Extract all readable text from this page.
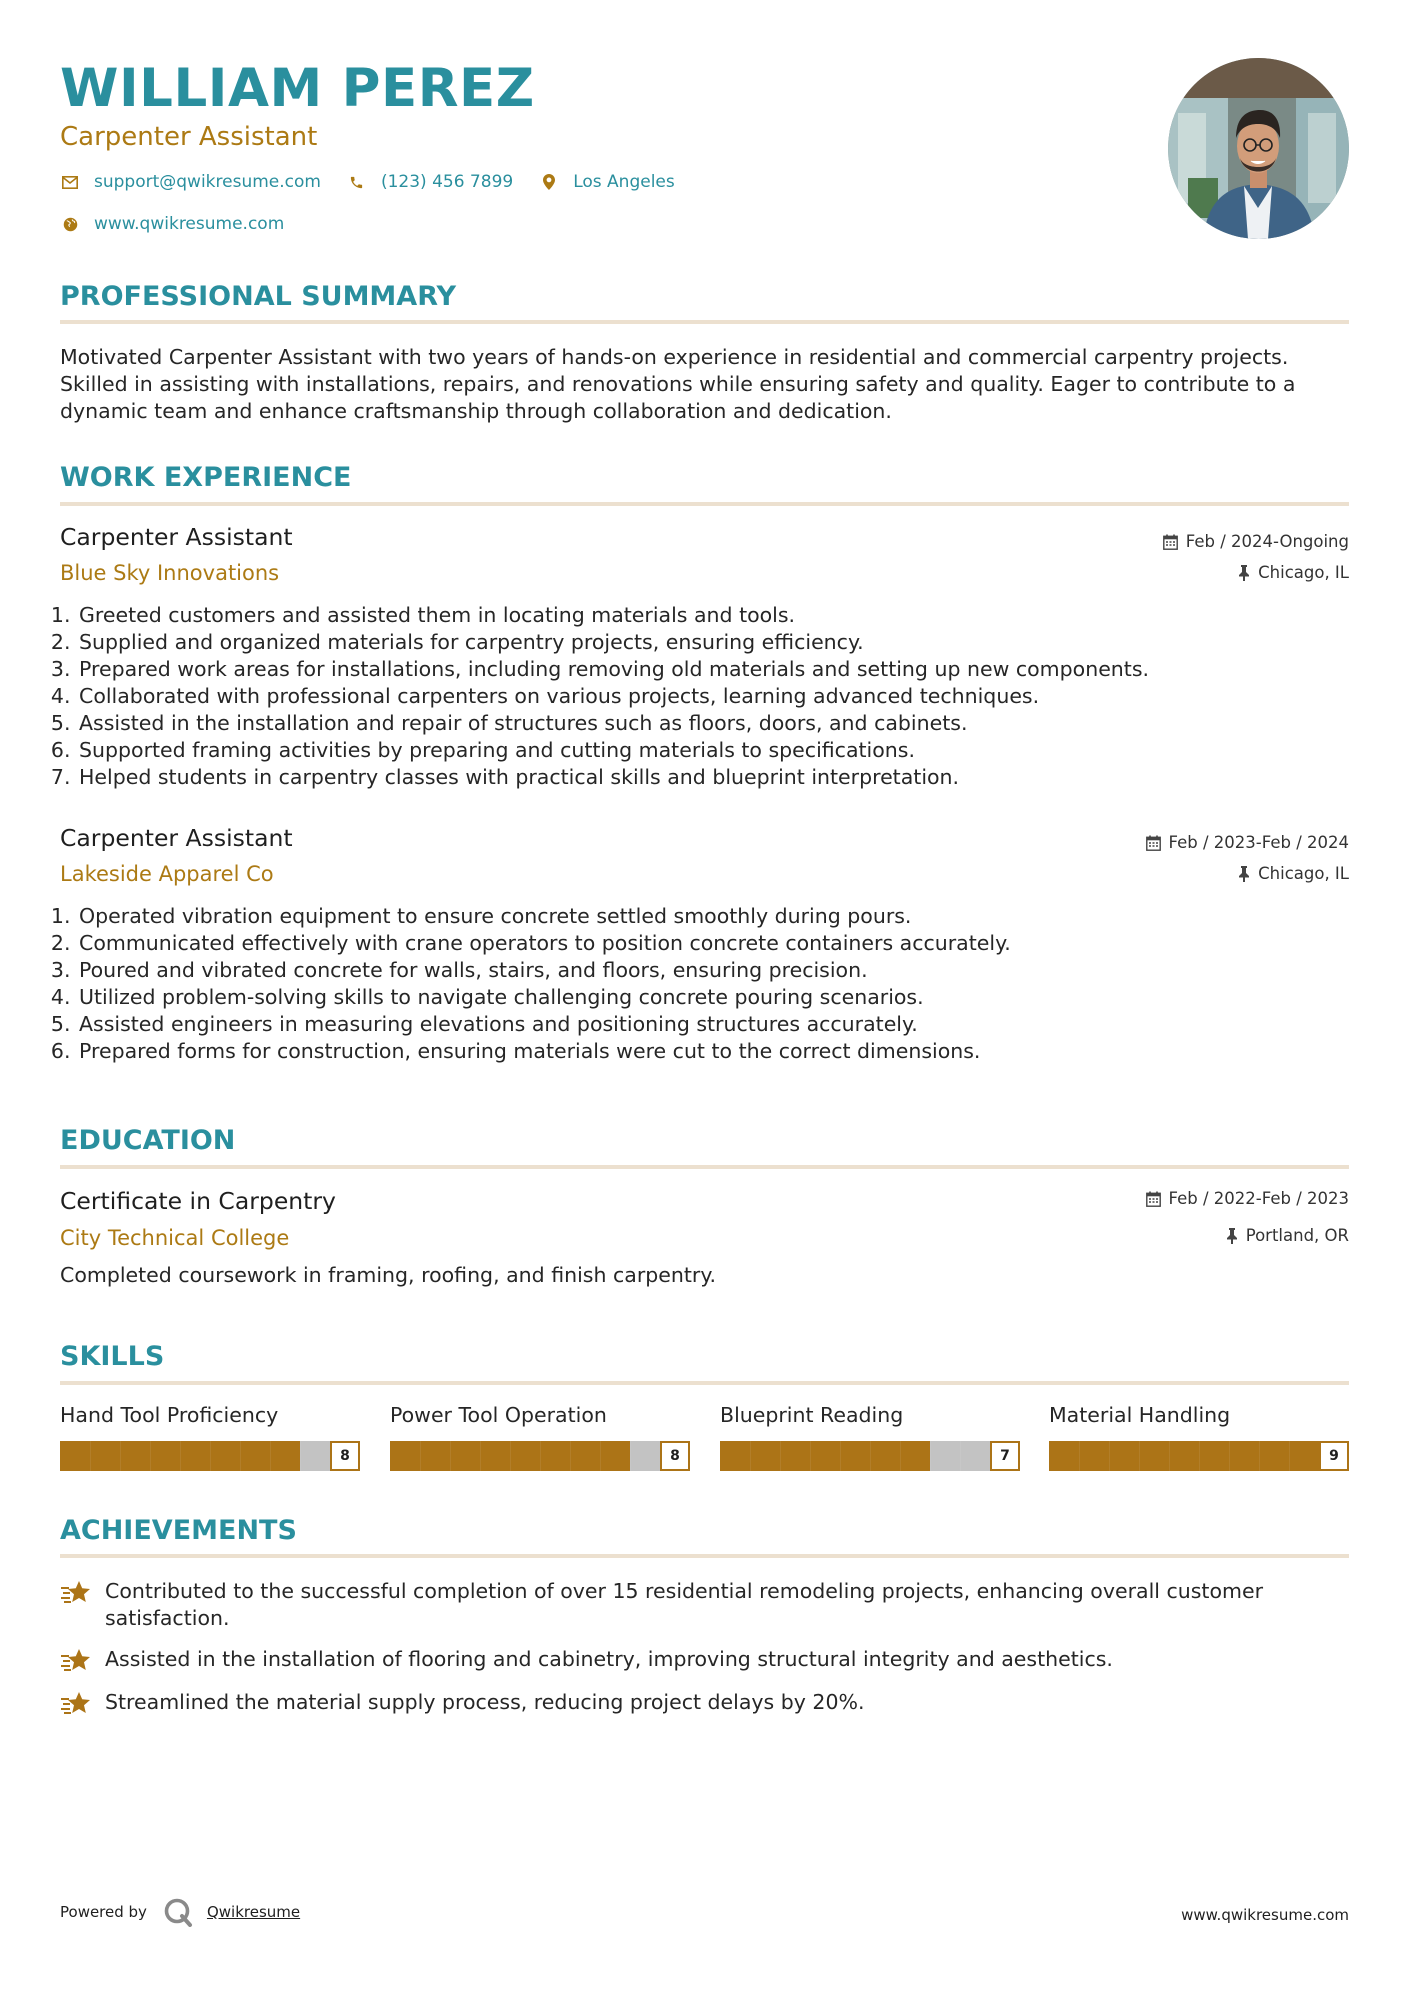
WILLIAM PEREZ
Carpenter Assistant
support@qwikresume.com	(123) 456 7899	Los Angeles
www.qwikresume.com
PROFESSIONAL SUMMARY
Motivated Carpenter Assistant with two years of hands-on experience in residential and commercial carpentry projects. Skilled in assisting with installations, repairs, and renovations while ensuring safety and quality. Eager to contribute to a dynamic team and enhance craftsmanship through collaboration and dedication.
WORK EXPERIENCE
Carpenter Assistant
Blue Sky Innovations
Feb / 2024-Ongoing
Chicago, IL
1. Greeted customers and assisted them in locating materials and tools.
2. Supplied and organized materials for carpentry projects, ensuring efficiency.
3. Prepared work areas for installations, including removing old materials and setting up new components.
4. Collaborated with professional carpenters on various projects, learning advanced techniques.
5. Assisted in the installation and repair of structures such as floors, doors, and cabinets.
6. Supported framing activities by preparing and cutting materials to specifications.
7. Helped students in carpentry classes with practical skills and blueprint interpretation.
Carpenter Assistant
Lakeside Apparel Co
Feb / 2023-Feb / 2024
Chicago, IL
1. Operated vibration equipment to ensure concrete settled smoothly during pours.
2. Communicated effectively with crane operators to position concrete containers accurately.
3. Poured and vibrated concrete for walls, stairs, and floors, ensuring precision.
4. Utilized problem-solving skills to navigate challenging concrete pouring scenarios.
5. Assisted engineers in measuring elevations and positioning structures accurately.
6. Prepared forms for construction, ensuring materials were cut to the correct dimensions.
EDUCATION
Certificate in Carpentry
City Technical College
Feb / 2022-Feb / 2023
Portland, OR
Completed coursework in framing, roofing, and finish carpentry.
SKILLS
Hand Tool Proficiency
8
Power Tool Operation
8
Blueprint Reading
7
Material Handling
9
ACHIEVEMENTS
Contributed to the successful completion of over 15 residential remodeling projects, enhancing overall customer satisfaction.
Assisted in the installation of flooring and cabinetry, improving structural integrity and aesthetics.
Streamlined the material supply process, reducing project delays by 20%.
Powered by	Qwikresume	www.qwikresume.com
